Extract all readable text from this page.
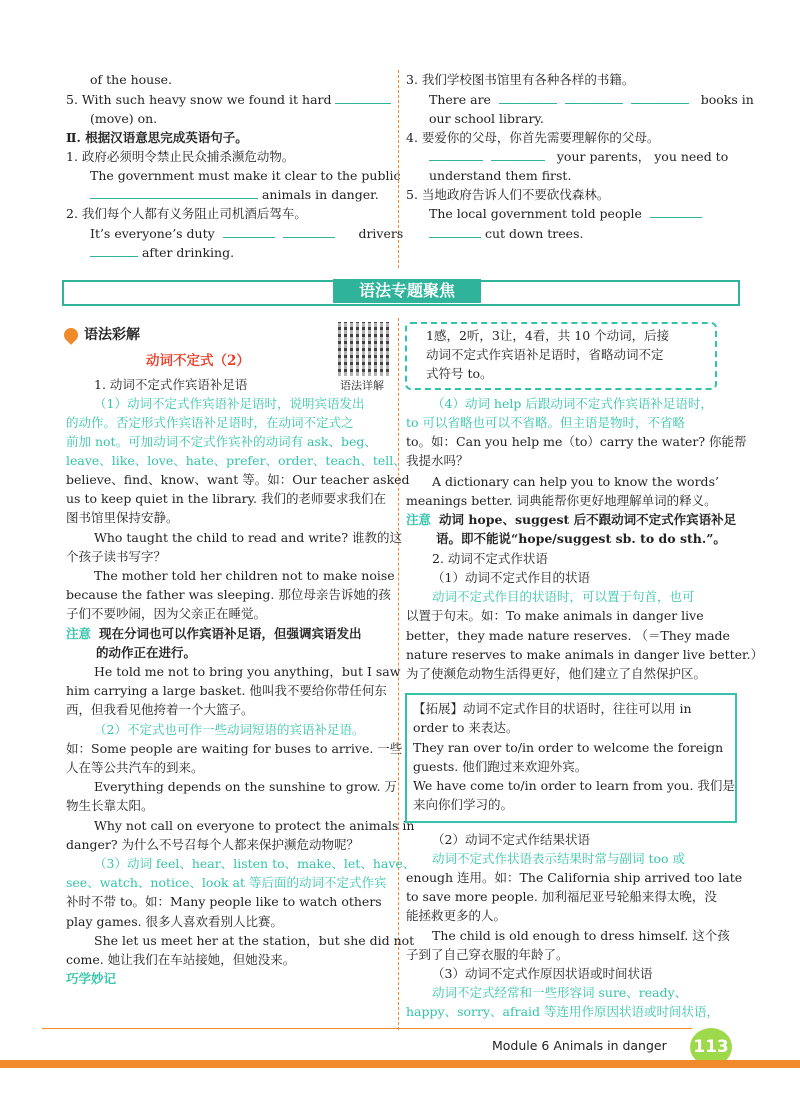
of the house.
5. With such heavy snow we found it hard
(move) on.
Ⅱ. 根据汉语意思完成英语句子。
1. 政府必须明令禁止民众捕杀濒危动物。
The government must make it clear to the public
animals in danger.
2. 我们每个人都有义务阻止司机酒后驾车。
It’s everyone’s duty	drivers
after drinking.
3. 我们学校图书馆里有各种各样的书籍。
There are	books in
our school library.
4. 要爱你的父母，你首先需要理解你的父母。
your parents， you need to
understand them first.
5. 当地政府告诉人们不要砍伐森林。
The local government told people
cut down trees.
语法专题聚焦
语法彩解
动词不定式（2）
语法详解
1. 动词不定式作宾语补足语
（1）动词不定式作宾语补足语时，说明宾语发出
的动作。否定形式作宾语补足语时，在动词不定式之
前加 not。可加动词不定式作宾补的动词有 ask、beg、
leave、like、love、hate、prefer、order、teach、tell、
believe、find、know、want 等。如：Our teacher asked
us to keep quiet in the library. 我们的老师要求我们在
图书馆里保持安静。
Who taught the child to read and write? 谁教的这
个孩子读书写字？
The mother told her children not to make noise
because the father was sleeping. 那位母亲告诉她的孩
子们不要吵闹，因为父亲正在睡觉。
注意 现在分词也可以作宾语补足语，但强调宾语发出
的动作正在进行。
He told me not to bring you anything，but I saw
him carrying a large basket. 他叫我不要给你带任何东
西，但我看见他挎着一个大篮子。
（2）不定式也可作一些动词短语的宾语补足语。
如：Some people are waiting for buses to arrive. 一些
人在等公共汽车的到来。
Everything depends on the sunshine to grow. 万
物生长靠太阳。
Why not call on everyone to protect the animals in
danger? 为什么不号召每个人都来保护濒危动物呢？
（3）动词 feel、hear、listen to、make、let、have、
see、watch、notice、look at 等后面的动词不定式作宾
补时不带 to。如：Many people like to watch others
play games. 很多人喜欢看别人比赛。
She let us meet her at the station，but she did not
come. 她让我们在车站接她，但她没来。
巧学妙记
1感，2听，3让，4看，共 10 个动词，后接
动词不定式作宾语补足语时，省略动词不定
式符号 to。
（4）动词 help 后跟动词不定式作宾语补足语时，
to 可以省略也可以不省略。但主语是物时，不省略
to。如：Can you help me（to）carry the water? 你能帮
我提水吗？
A dictionary can help you to know the words’
meanings better. 词典能帮你更好地理解单词的释义。
注意 动词 hope、suggest 后不跟动词不定式作宾语补足
语。即不能说“hope/suggest sb. to do sth.”。
2. 动词不定式作状语
（1）动词不定式作目的状语
动词不定式作目的状语时，可以置于句首，也可
以置于句末。如：To make animals in danger live
better，they made nature reserves. （＝They made
nature reserves to make animals in danger live better.）
为了使濒危动物生活得更好，他们建立了自然保护区。
【拓展】动词不定式作目的状语时，往往可以用 in
order to 来表达。
They ran over to/in order to welcome the foreign
guests. 他们跑过来欢迎外宾。
We have come to/in order to learn from you. 我们是
来向你们学习的。
（2）动词不定式作结果状语
动词不定式作状语表示结果时常与副词 too 或
enough 连用。如：The California ship arrived too late
to save more people. 加利福尼亚号轮船来得太晚，没
能拯救更多的人。
The child is old enough to dress himself. 这个孩
子到了自己穿衣服的年龄了。
（3）动词不定式作原因状语或时间状语
动词不定式经常和一些形容词 sure、ready、
happy、sorry、afraid 等连用作原因状语或时间状语，
Module 6 Animals in danger 113
